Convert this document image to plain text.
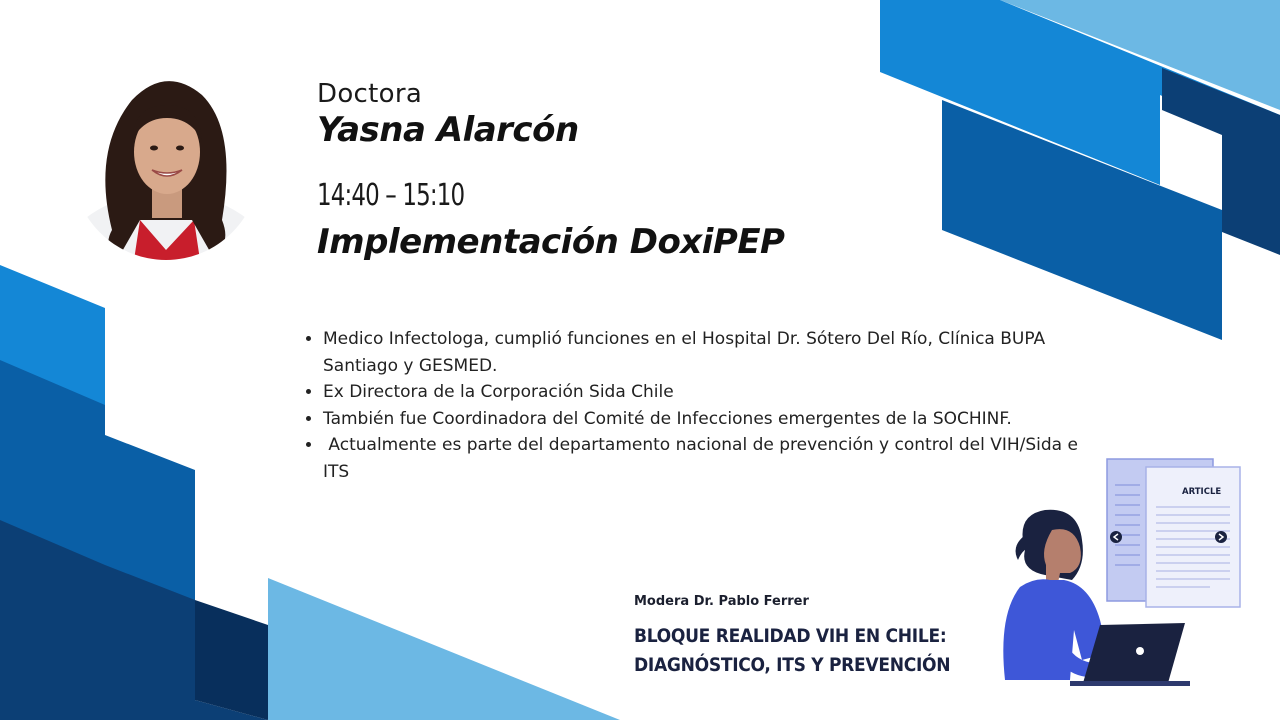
Doctora
Yasna Alarcón
14:40 – 15:10
Implementación DoxiPEP
• Medico Infectologa, cumplió funciones en el Hospital Dr. Sótero Del Río, Clínica BUPA Santiago y GESMED.
• Ex Directora de la Corporación Sida Chile
• También fue Coordinadora del Comité de Infecciones emergentes de la SOCHINF.
•  Actualmente es parte del departamento nacional de prevención y control del VIH/Sida e ITS
Modera Dr. Pablo Ferrer
BLOQUE REALIDAD VIH EN CHILE:
DIAGNÓSTICO, ITS Y PREVENCIÓN
ARTICLE
